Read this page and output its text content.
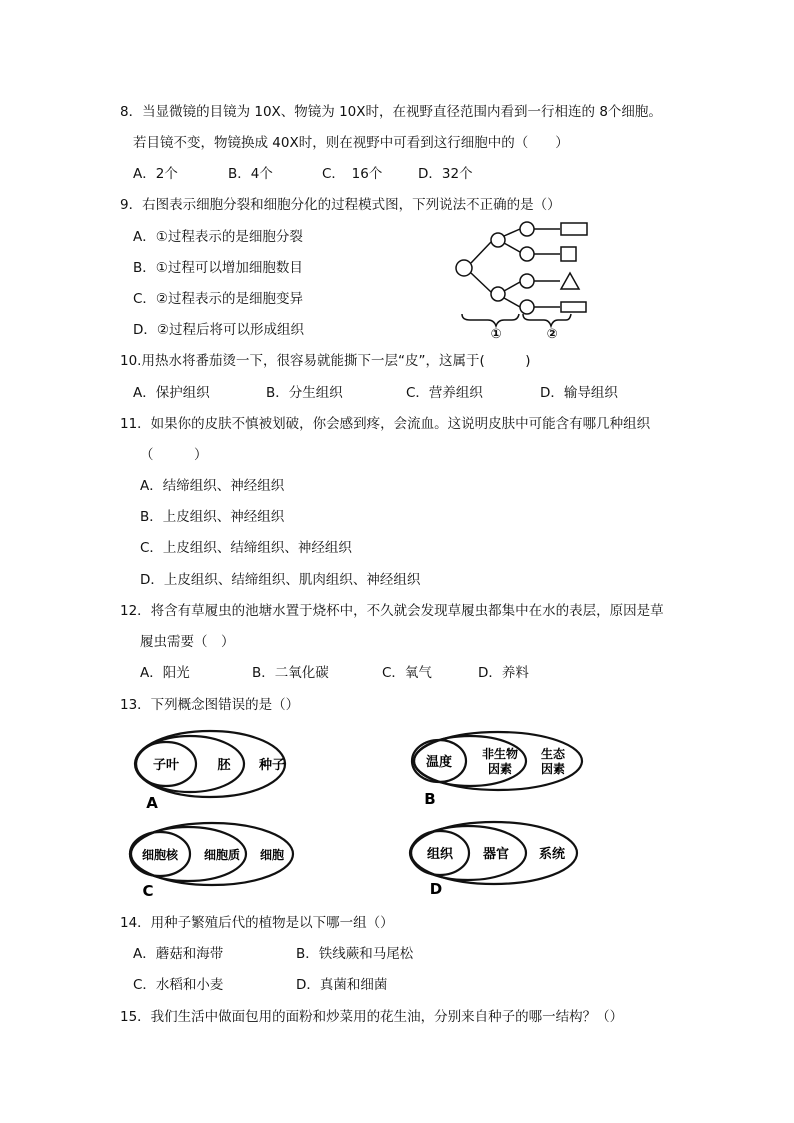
8．当显微镜的目镜为 10X、物镜为 10X时，在视野直径范围内看到一行相连的 8个细胞。
若目镜不变，物镜换成 40X时，则在视野中可看到这行细胞中的（　　）
A．2个	B．4个	C．　16个	D．32个
9．右图表示细胞分裂和细胞分化的过程模式图，下列说法不正确的是（）
A．①过程表示的是细胞分裂
B．①过程可以增加细胞数目
C．②过程表示的是细胞变异
D．②过程后将可以形成组织	①	②
10.用热水将番茄烫一下，很容易就能撕下一层“皮”，这属于(　　　)
A．保护组织	B．分生组织	C．营养组织	D．输导组织
11．如果你的皮肤不慎被划破，你会感到疼，会流血。这说明皮肤中可能含有哪几种组织
（　　　）
A．结缔组织、神经组织
B．上皮组织、神经组织
C．上皮组织、结缔组织、神经组织
D．上皮组织、结缔组织、肌肉组织、神经组织
12．将含有草履虫的池塘水置于烧杯中，不久就会发现草履虫都集中在水的表层，原因是草
履虫需要（　）
A．阳光	B．二氧化碳	C．氧气	D．养料
13．下列概念图错误的是（）
子叶	胚 种子
A
温度
非生物
因素
生态
因素
B
细胞核 细胞质 细胞
C
组织 器官 系统
D
14．用种子繁殖后代的植物是以下哪一组（）
A．蘑菇和海带	B．铁线蕨和马尾松
C．水稻和小麦	D．真菌和细菌
15．我们生活中做面包用的面粉和炒菜用的花生油，分别来自种子的哪一结构？（）
